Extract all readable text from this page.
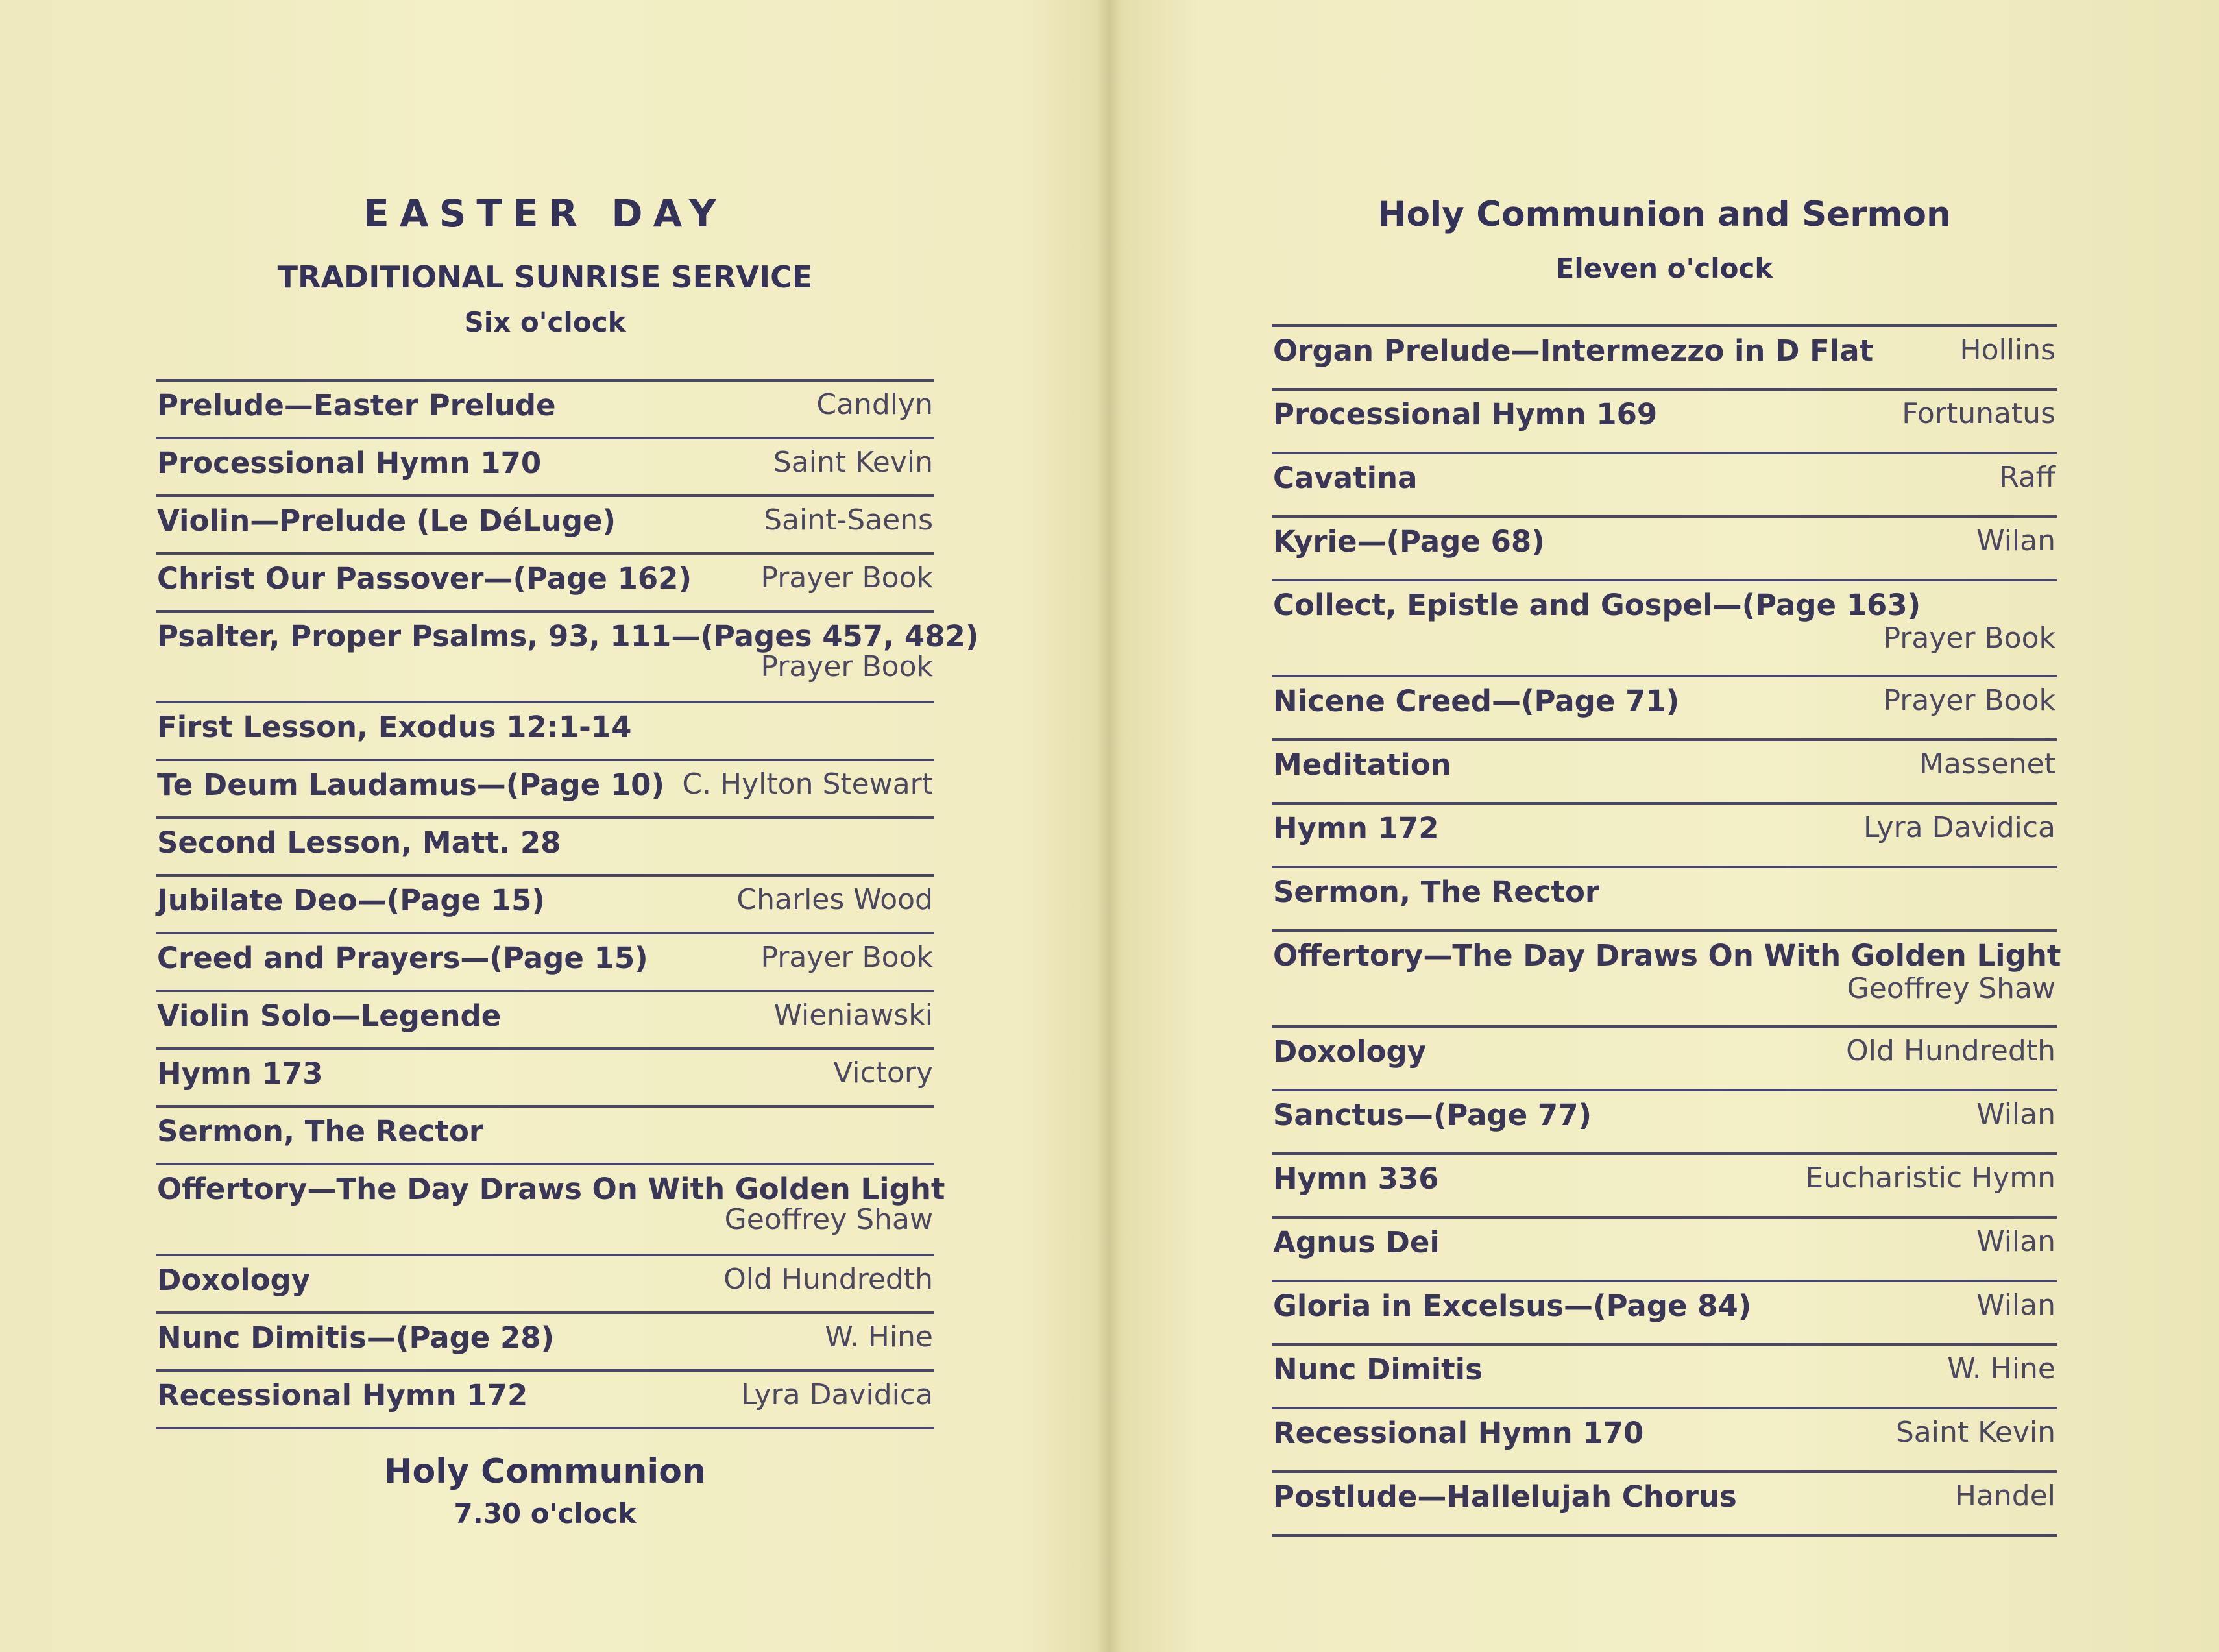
EASTER DAY
TRADITIONAL SUNRISE SERVICE
Six o'clock
Prelude—Easter Prelude	Candlyn
Processional Hymn 170	Saint Kevin
Violin—Prelude (Le DéLuge)	Saint-Saens
Christ Our Passover—(Page 162) Prayer Book
Psalter, Proper Psalms, 93, 111—(Pages 457, 482)
Prayer Book
First Lesson, Exodus 12:1-14
Te Deum Laudamus—(Page 10) C. Hylton Stewart
Second Lesson, Matt. 28
Jubilate Deo—(Page 15)	Charles Wood
Creed and Prayers—(Page 15)	Prayer Book
Violin Solo—Legende	Wieniawski
Hymn 173	Victory
Sermon, The Rector
Offertory—The Day Draws On With Golden Light
Geoffrey Shaw
Doxology	Old Hundredth
Nunc Dimitis—(Page 28)	W. Hine
Recessional Hymn 172	Lyra Davidica
Holy Communion
7.30 o'clock
Holy Communion and Sermon
Eleven o'clock
Organ Prelude—Intermezzo in D Flat	Hollins
Processional Hymn 169	Fortunatus
Cavatina	Raff
Kyrie—(Page 68)	Wilan
Collect, Epistle and Gospel—(Page 163)
Prayer Book
Nicene Creed—(Page 71)	Prayer Book
Meditation	Massenet
Hymn 172	Lyra Davidica
Sermon, The Rector
Offertory—The Day Draws On With Golden Light
Geoffrey Shaw
Doxology	Old Hundredth
Sanctus—(Page 77)	Wilan
Hymn 336	Eucharistic Hymn
Agnus Dei	Wilan
Gloria in Excelsus—(Page 84)	Wilan
Nunc Dimitis	W. Hine
Recessional Hymn 170	Saint Kevin
Postlude—Hallelujah Chorus	Handel
